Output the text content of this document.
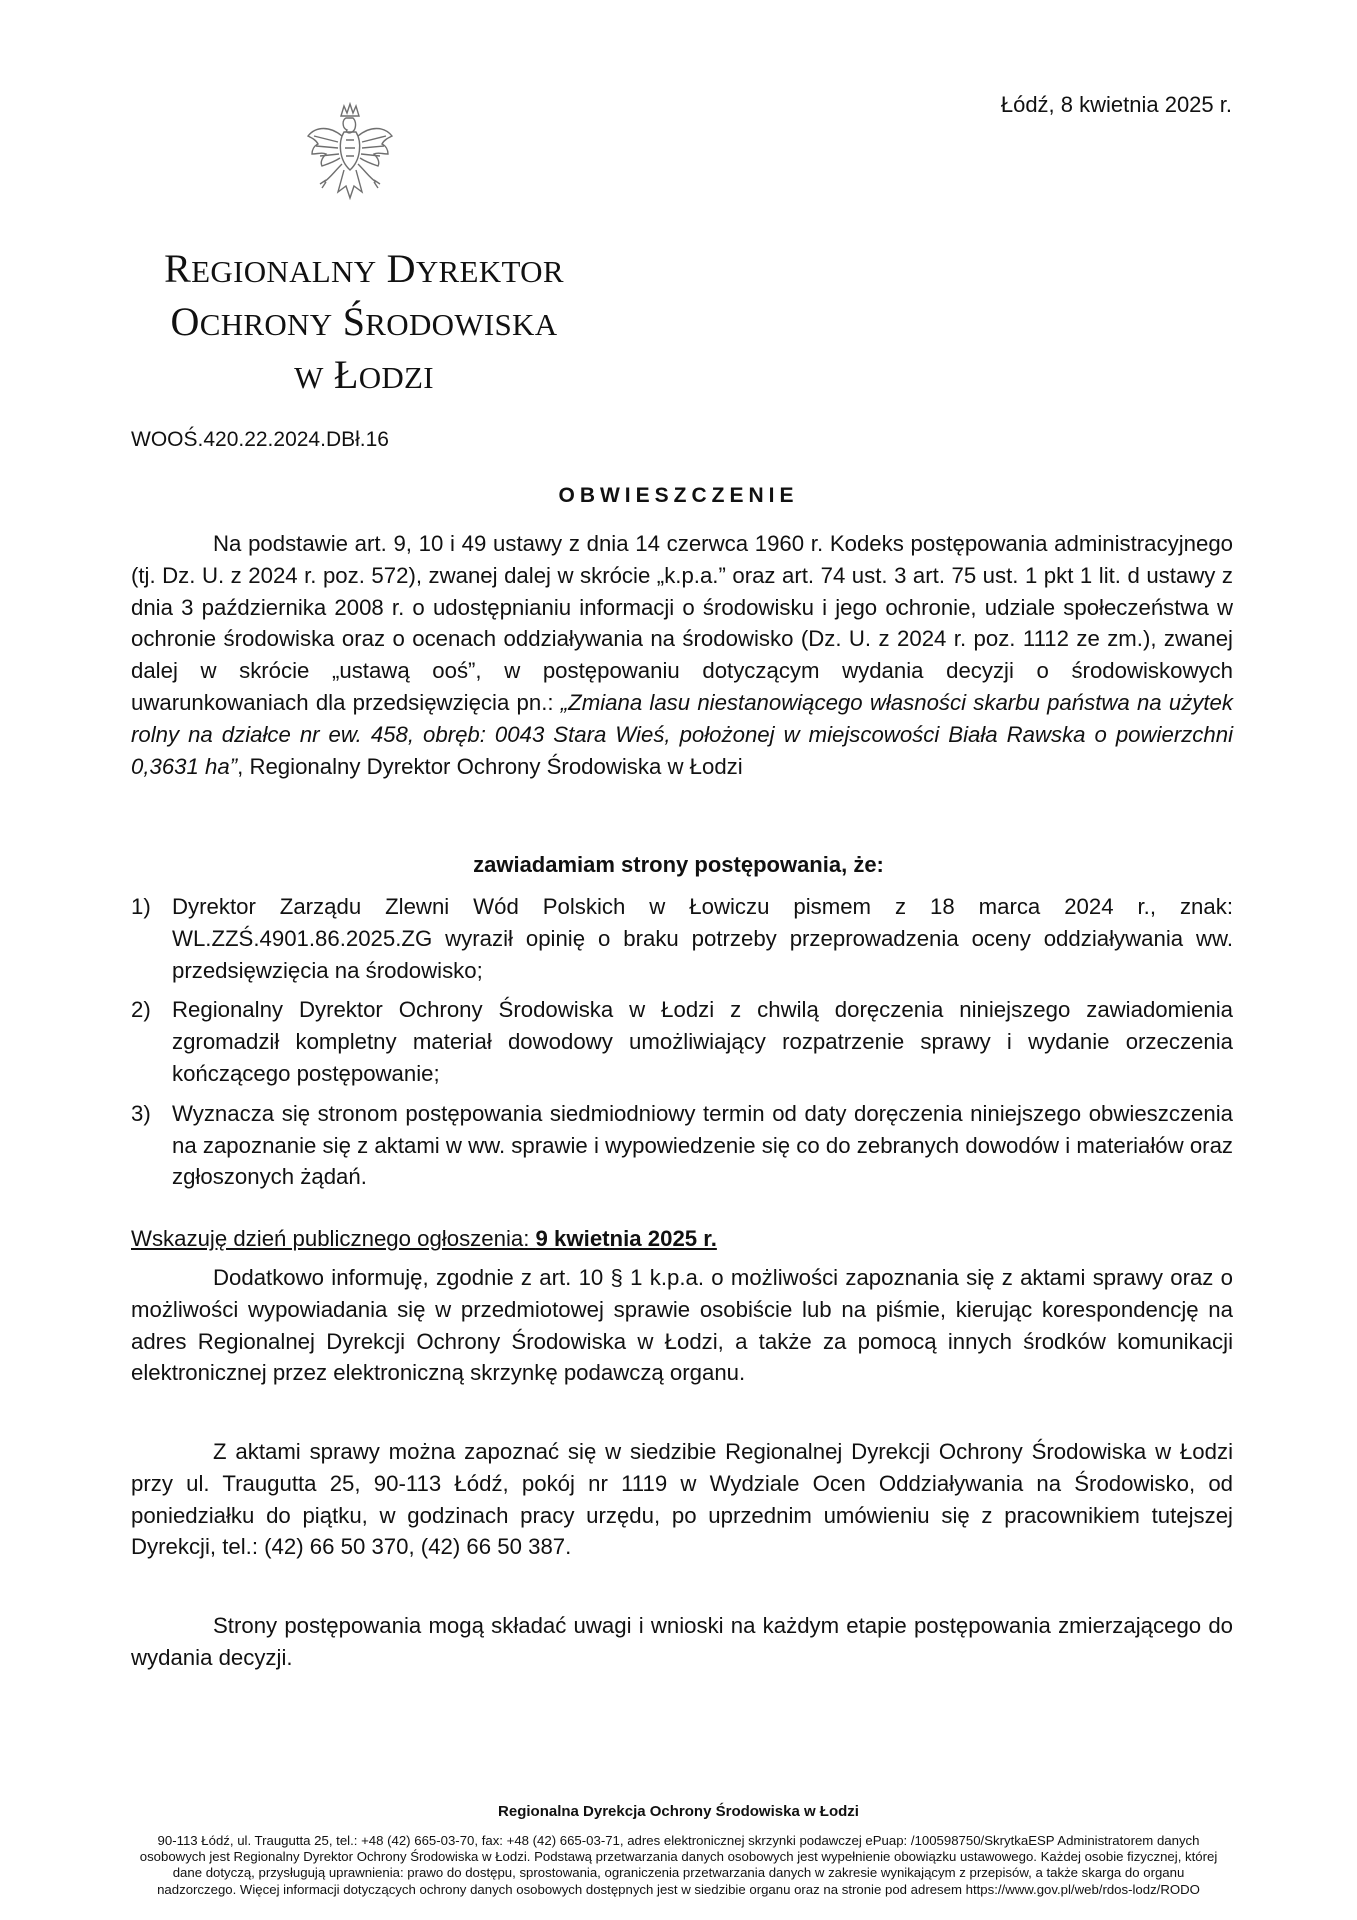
Łódź, 8 kwietnia 2025 r.
REGIONALNY DYREKTOR
OCHRONY ŚRODOWISKA
W ŁODZI
WOOŚ.420.22.2024.DBł.16
OBWIESZCZENIE
Na podstawie art. 9, 10 i 49 ustawy z dnia 14 czerwca 1960 r. Kodeks postępowania administracyjnego (tj. Dz. U. z 2024 r. poz. 572), zwanej dalej w skrócie „k.p.a.” oraz art. 74 ust. 3 art. 75 ust. 1 pkt 1 lit. d ustawy z dnia 3 października 2008 r. o udostępnianiu informacji o środowisku i jego ochronie, udziale społeczeństwa w ochronie środowiska oraz o ocenach oddziaływania na środowisko (Dz. U. z 2024 r. poz. 1112 ze zm.), zwanej dalej w skrócie „ustawą ooś”, w postępowaniu dotyczącym wydania decyzji o środowiskowych uwarunkowaniach dla przedsięwzięcia pn.: „Zmiana lasu niestanowiącego własności skarbu państwa na użytek rolny na działce nr ew. 458, obręb: 0043 Stara Wieś, położonej w miejscowości Biała Rawska o powierzchni 0,3631 ha”, Regionalny Dyrektor Ochrony Środowiska w Łodzi
zawiadamiam strony postępowania, że:
1) Dyrektor Zarządu Zlewni Wód Polskich w Łowiczu pismem z 18 marca 2024 r., znak: WL.ZZŚ.4901.86.2025.ZG wyraził opinię o braku potrzeby przeprowadzenia oceny oddziaływania ww. przedsięwzięcia na środowisko;
2) Regionalny Dyrektor Ochrony Środowiska w Łodzi z chwilą doręczenia niniejszego zawiadomienia zgromadził kompletny materiał dowodowy umożliwiający rozpatrzenie sprawy i wydanie orzeczenia kończącego postępowanie;
3) Wyznacza się stronom postępowania siedmiodniowy termin od daty doręczenia niniejszego obwieszczenia na zapoznanie się z aktami w ww. sprawie i wypowiedzenie się co do zebranych dowodów i materiałów oraz zgłoszonych żądań.
Wskazuję dzień publicznego ogłoszenia: 9 kwietnia 2025 r.
Dodatkowo informuję, zgodnie z art. 10 § 1 k.p.a. o możliwości zapoznania się z aktami sprawy oraz o możliwości wypowiadania się w przedmiotowej sprawie osobiście lub na piśmie, kierując korespondencję na adres Regionalnej Dyrekcji Ochrony Środowiska w Łodzi, a także za pomocą innych środków komunikacji elektronicznej przez elektroniczną skrzynkę podawczą organu.
Z aktami sprawy można zapoznać się w siedzibie Regionalnej Dyrekcji Ochrony Środowiska w Łodzi przy ul. Traugutta 25, 90-113 Łódź, pokój nr 1119 w Wydziale Ocen Oddziaływania na Środowisko, od poniedziałku do piątku, w godzinach pracy urzędu, po uprzednim umówieniu się z pracownikiem tutejszej Dyrekcji, tel.: (42) 66 50 370, (42) 66 50 387.
Strony postępowania mogą składać uwagi i wnioski na każdym etapie postępowania zmierzającego do wydania decyzji.
Regionalna Dyrekcja Ochrony Środowiska w Łodzi
90-113 Łódź, ul. Traugutta 25, tel.: +48 (42) 665-03-70, fax: +48 (42) 665-03-71, adres elektronicznej skrzynki podawczej ePuap: /100598750/SkrytkaESP Administratorem danych osobowych jest Regionalny Dyrektor Ochrony Środowiska w Łodzi. Podstawą przetwarzania danych osobowych jest wypełnienie obowiązku ustawowego. Każdej osobie fizycznej, której dane dotyczą, przysługują uprawnienia: prawo do dostępu, sprostowania, ograniczenia przetwarzania danych w zakresie wynikającym z przepisów, a także skarga do organu nadzorczego. Więcej informacji dotyczących ochrony danych osobowych dostępnych jest w siedzibie organu oraz na stronie pod adresem https://www.gov.pl/web/rdos-lodz/RODO
